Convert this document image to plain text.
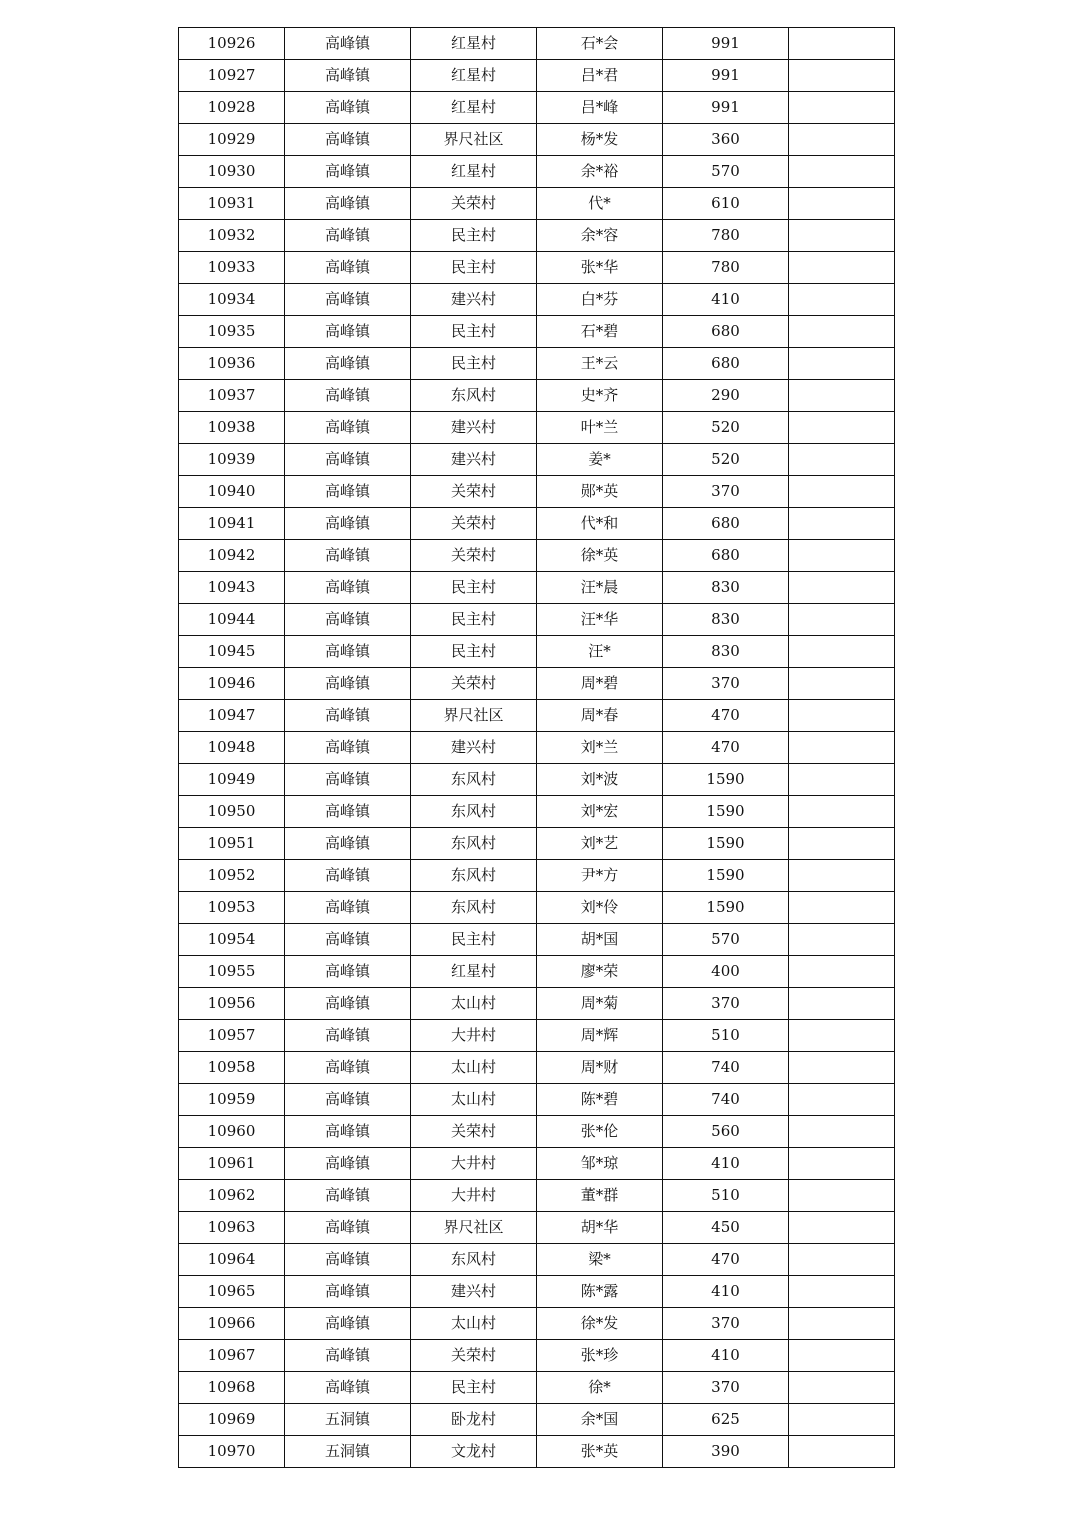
10926	高峰镇	红星村	石*会	991	
10927	高峰镇	红星村	吕*君	991	
10928	高峰镇	红星村	吕*峰	991	
10929	高峰镇	界尺社区	杨*发	360	
10930	高峰镇	红星村	余*裕	570	
10931	高峰镇	关荣村	代*	610	
10932	高峰镇	民主村	余*容	780	
10933	高峰镇	民主村	张*华	780	
10934	高峰镇	建兴村	白*芬	410	
10935	高峰镇	民主村	石*碧	680	
10936	高峰镇	民主村	王*云	680	
10937	高峰镇	东风村	史*齐	290	
10938	高峰镇	建兴村	叶*兰	520	
10939	高峰镇	建兴村	姜*	520	
10940	高峰镇	关荣村	郧*英	370	
10941	高峰镇	关荣村	代*和	680	
10942	高峰镇	关荣村	徐*英	680	
10943	高峰镇	民主村	汪*晨	830	
10944	高峰镇	民主村	汪*华	830	
10945	高峰镇	民主村	汪*	830	
10946	高峰镇	关荣村	周*碧	370	
10947	高峰镇	界尺社区	周*春	470	
10948	高峰镇	建兴村	刘*兰	470	
10949	高峰镇	东风村	刘*波	1590	
10950	高峰镇	东风村	刘*宏	1590	
10951	高峰镇	东风村	刘*艺	1590	
10952	高峰镇	东风村	尹*方	1590	
10953	高峰镇	东风村	刘*伶	1590	
10954	高峰镇	民主村	胡*国	570	
10955	高峰镇	红星村	廖*荣	400	
10956	高峰镇	太山村	周*菊	370	
10957	高峰镇	大井村	周*辉	510	
10958	高峰镇	太山村	周*财	740	
10959	高峰镇	太山村	陈*碧	740	
10960	高峰镇	关荣村	张*伦	560	
10961	高峰镇	大井村	邹*琼	410	
10962	高峰镇	大井村	董*群	510	
10963	高峰镇	界尺社区	胡*华	450	
10964	高峰镇	东风村	梁*	470	
10965	高峰镇	建兴村	陈*露	410	
10966	高峰镇	太山村	徐*发	370	
10967	高峰镇	关荣村	张*珍	410	
10968	高峰镇	民主村	徐*	370	
10969	五洞镇	卧龙村	余*国	625	
10970	五洞镇	文龙村	张*英	390	
